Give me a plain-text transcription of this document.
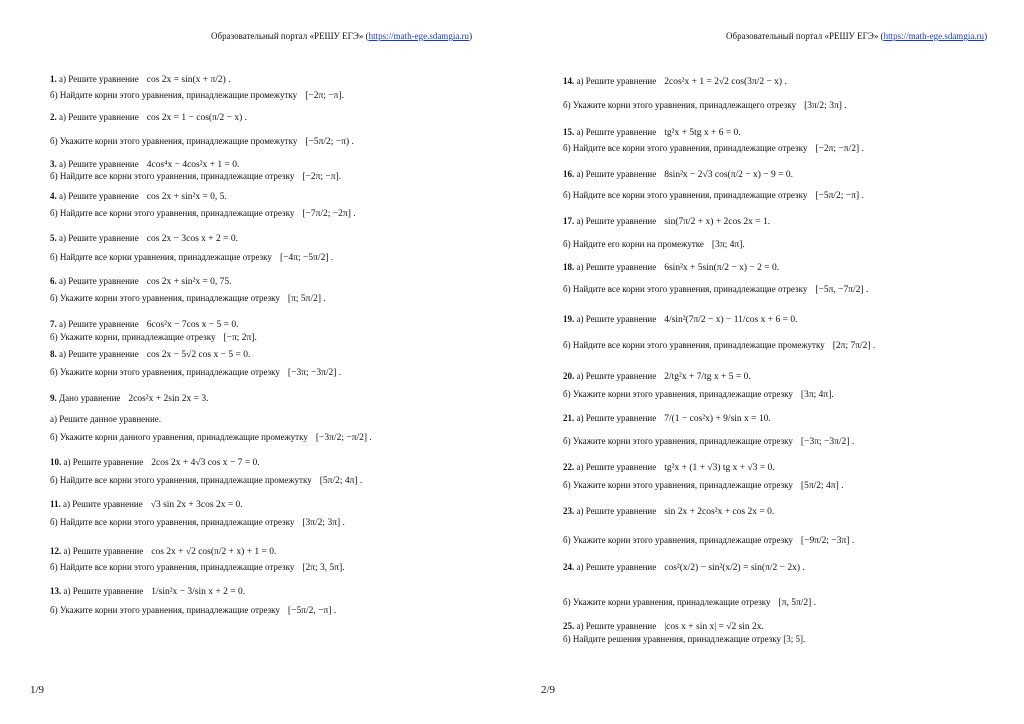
Образовательный портал «РЕШУ ЕГЭ» (https://math-ege.sdamgia.ru)
1/9
1. а) Решите уравнение cos 2x = sin(x + π/2) .
б) Найдите корни этого уравнения, принадлежащие промежутку [−2π; −π].
2. а) Решите уравнение cos 2x = 1 − cos(π/2 − x) .
б) Укажите корни этого уравнения, принадлежащие промежутку [−5π/2; −π) .
3. а) Решите уравнение 4cos⁴x − 4cos²x + 1 = 0.
б) Найдите все корни этого уравнения, принадлежащие отрезку [−2π; −π].
4. а) Решите уравнение cos 2x + sin²x = 0, 5.
б) Найдите все корни этого уравнения, принадлежащие отрезку [−7π/2; −2π] .
5. а) Решите уравнение cos 2x − 3cos x + 2 = 0.
б) Найдите все корни уравнения, принадлежащие отрезку [−4π; −5π/2] .
6. а) Решите уравнение cos 2x + sin²x = 0, 75.
б) Укажите корни этого уравнения, принадлежащие отрезку [π; 5π/2] .
7. а) Решите уравнение 6cos²x − 7cos x − 5 = 0.
б) Укажите корни, принадлежащие отрезку [−π; 2π].
8. а) Решите уравнение cos 2x − 5√2 cos x − 5 = 0.
б) Укажите корни этого уравнения, принадлежащие отрезку [−3π; −3π/2] .
9. Дано уравнение 2cos²x + 2sin 2x = 3.
а) Решите данное уравнение.
б) Укажите корни данного уравнения, принадлежащие промежутку [−3π/2; −π/2] .
10. а) Решите уравнение 2cos 2x + 4√3 cos x − 7 = 0.
б) Найдите все корни этого уравнения, принадлежащие промежутку [5π/2; 4π] .
11. а) Решите уравнение √3 sin 2x + 3cos 2x = 0.
б) Найдите все корни этого уравнения, принадлежащие отрезку [3π/2; 3π] .
12. а) Решите уравнение cos 2x + √2 cos(π/2 + x) + 1 = 0.
б) Найдите все корни этого уравнения, принадлежащие отрезку [2π; 3, 5π].
13. а) Решите уравнение 1/sin²x − 3/sin x + 2 = 0.
б) Укажите корни этого уравнения, принадлежащие отрезку [−5π/2, −π] .
Образовательный портал «РЕШУ ЕГЭ» (https://math-ege.sdamgia.ru)
2/9
14. а) Решите уравнение 2cos²x + 1 = 2√2 cos(3π/2 − x) .
б) Укажите корни этого уравнения, принадлежащего отрезку [3π/2; 3π] .
15. а) Решите уравнение tg²x + 5tg x + 6 = 0.
б) Найдите все корни этого уравнения, принадлежащие отрезку [−2π; −π/2] .
16. а) Решите уравнение 8sin²x − 2√3 cos(π/2 − x) − 9 = 0.
б) Найдите все корни этого уравнения, принадлежащие отрезку [−5π/2; −π] .
17. а) Решите уравнение sin(7π/2 + x) + 2cos 2x = 1.
б) Найдите его корни на промежутке [3π; 4π].
18. а) Решите уравнение 6sin²x + 5sin(π/2 − x) − 2 = 0.
б) Найдите все корни этого уравнения, принадлежащие отрезку [−5π, −7π/2] .
19. а) Решите уравнение 4/sin²(7π/2 − x) − 11/cos x + 6 = 0.
б) Найдите все корни этого уравнения, принадлежащие промежутку [2π; 7π/2] .
20. а) Решите уравнение 2/tg²x + 7/tg x + 5 = 0.
б) Укажите корни этого уравнения, принадлежащие отрезку [3π; 4π].
21. а) Решите уравнение 7/(1 − cos²x) + 9/sin x = 10.
б) Укажите корни этого уравнения, принадлежащие отрезку [−3π; −3π/2] .
22. а) Решите уравнение tg²x + (1 + √3) tg x + √3 = 0.
б) Укажите корни этого уравнения, принадлежащие отрезку [5π/2; 4π] .
23. а) Решите уравнение sin 2x + 2cos²x + cos 2x = 0.
б) Укажите корни этого уравнения, принадлежащие отрезку [−9π/2; −3π] .
24. а) Решите уравнение cos²(x/2) − sin²(x/2) = sin(π/2 − 2x) .
б) Укажите корни уравнения, принадлежащие отрезку [π, 5π/2] .
25. а) Решите уравнение |cos x + sin x| = √2 sin 2x.
б) Найдите решения уравнения, принадлежащие отрезку [3; 5].
